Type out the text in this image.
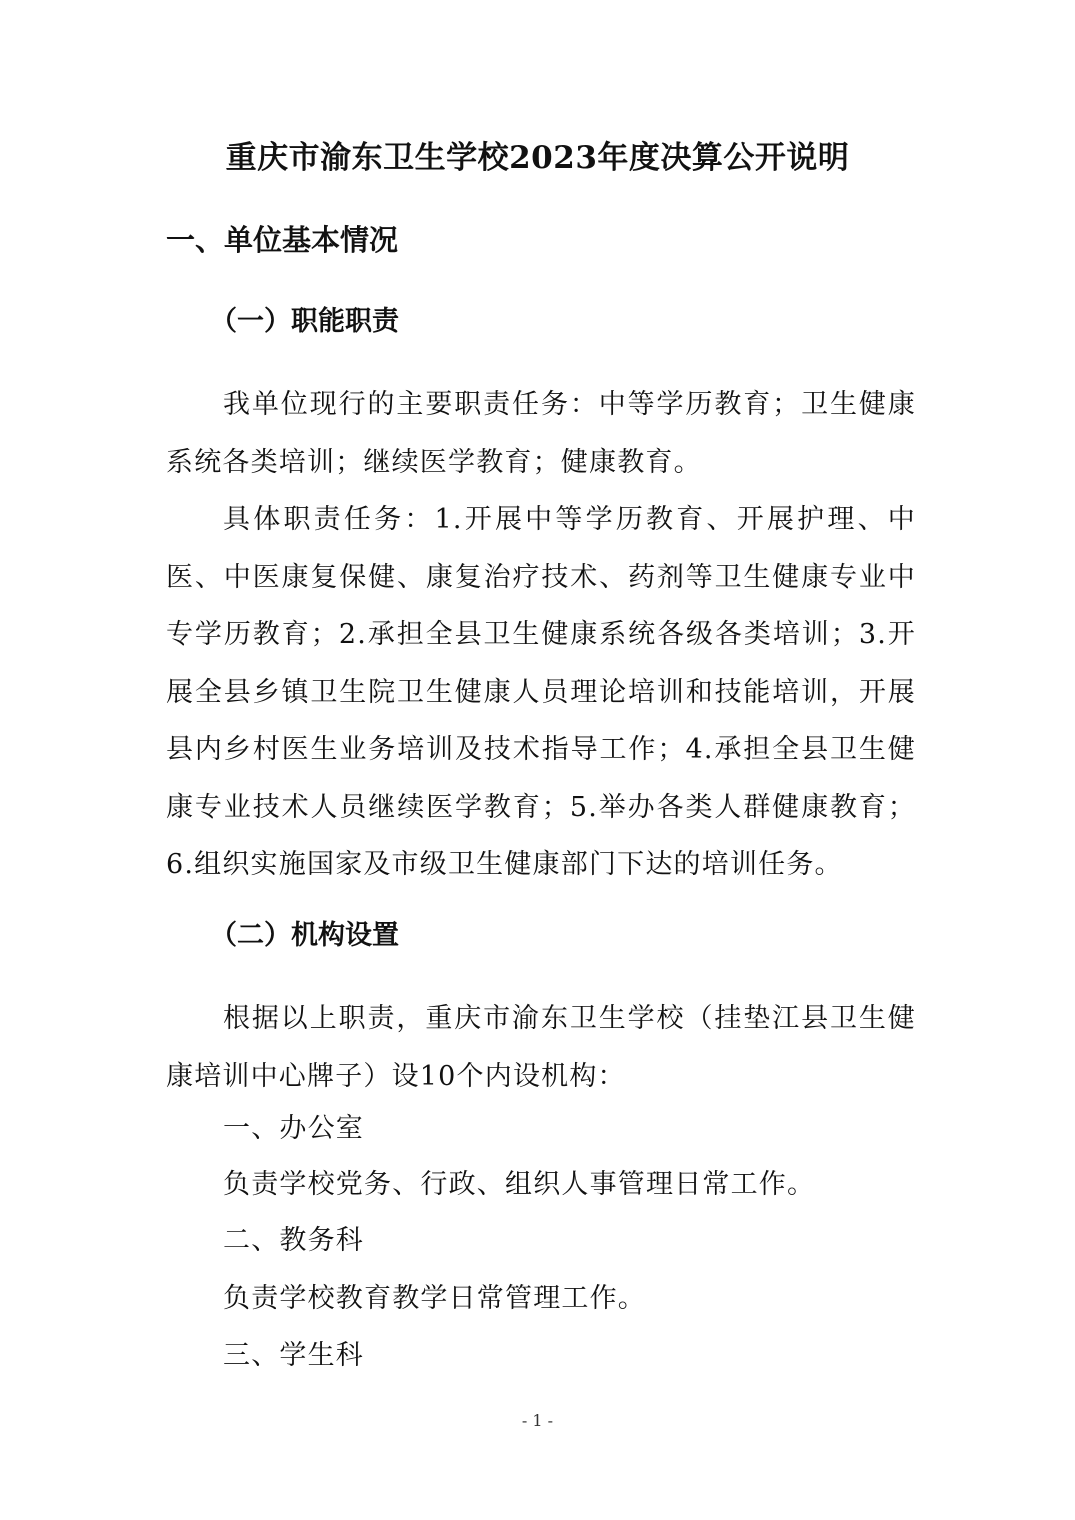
重庆市渝东卫生学校2023年度决算公开说明
一、单位基本情况
（一）职能职责

我单位现行的主要职责任务：中等学历教育；卫生健康系统各类培训；继续医学教育；健康教育。

具体职责任务：1.开展中等学历教育、开展护理、中医、中医康复保健、康复治疗技术、药剂等卫生健康专业中专学历教育；2.承担全县卫生健康系统各级各类培训；3.开展全县乡镇卫生院卫生健康人员理论培训和技能培训，开展县内乡村医生业务培训及技术指导工作；4.承担全县卫生健康专业技术人员继续医学教育；5.举办各类人群健康教育；6.组织实施国家及市级卫生健康部门下达的培训任务。

（二）机构设置

根据以上职责，重庆市渝东卫生学校（挂垫江县卫生健康培训中心牌子）设10个内设机构：

一、办公室
负责学校党务、行政、组织人事管理日常工作。
二、教务科
负责学校教育教学日常管理工作。
三、学生科
- 1 -
